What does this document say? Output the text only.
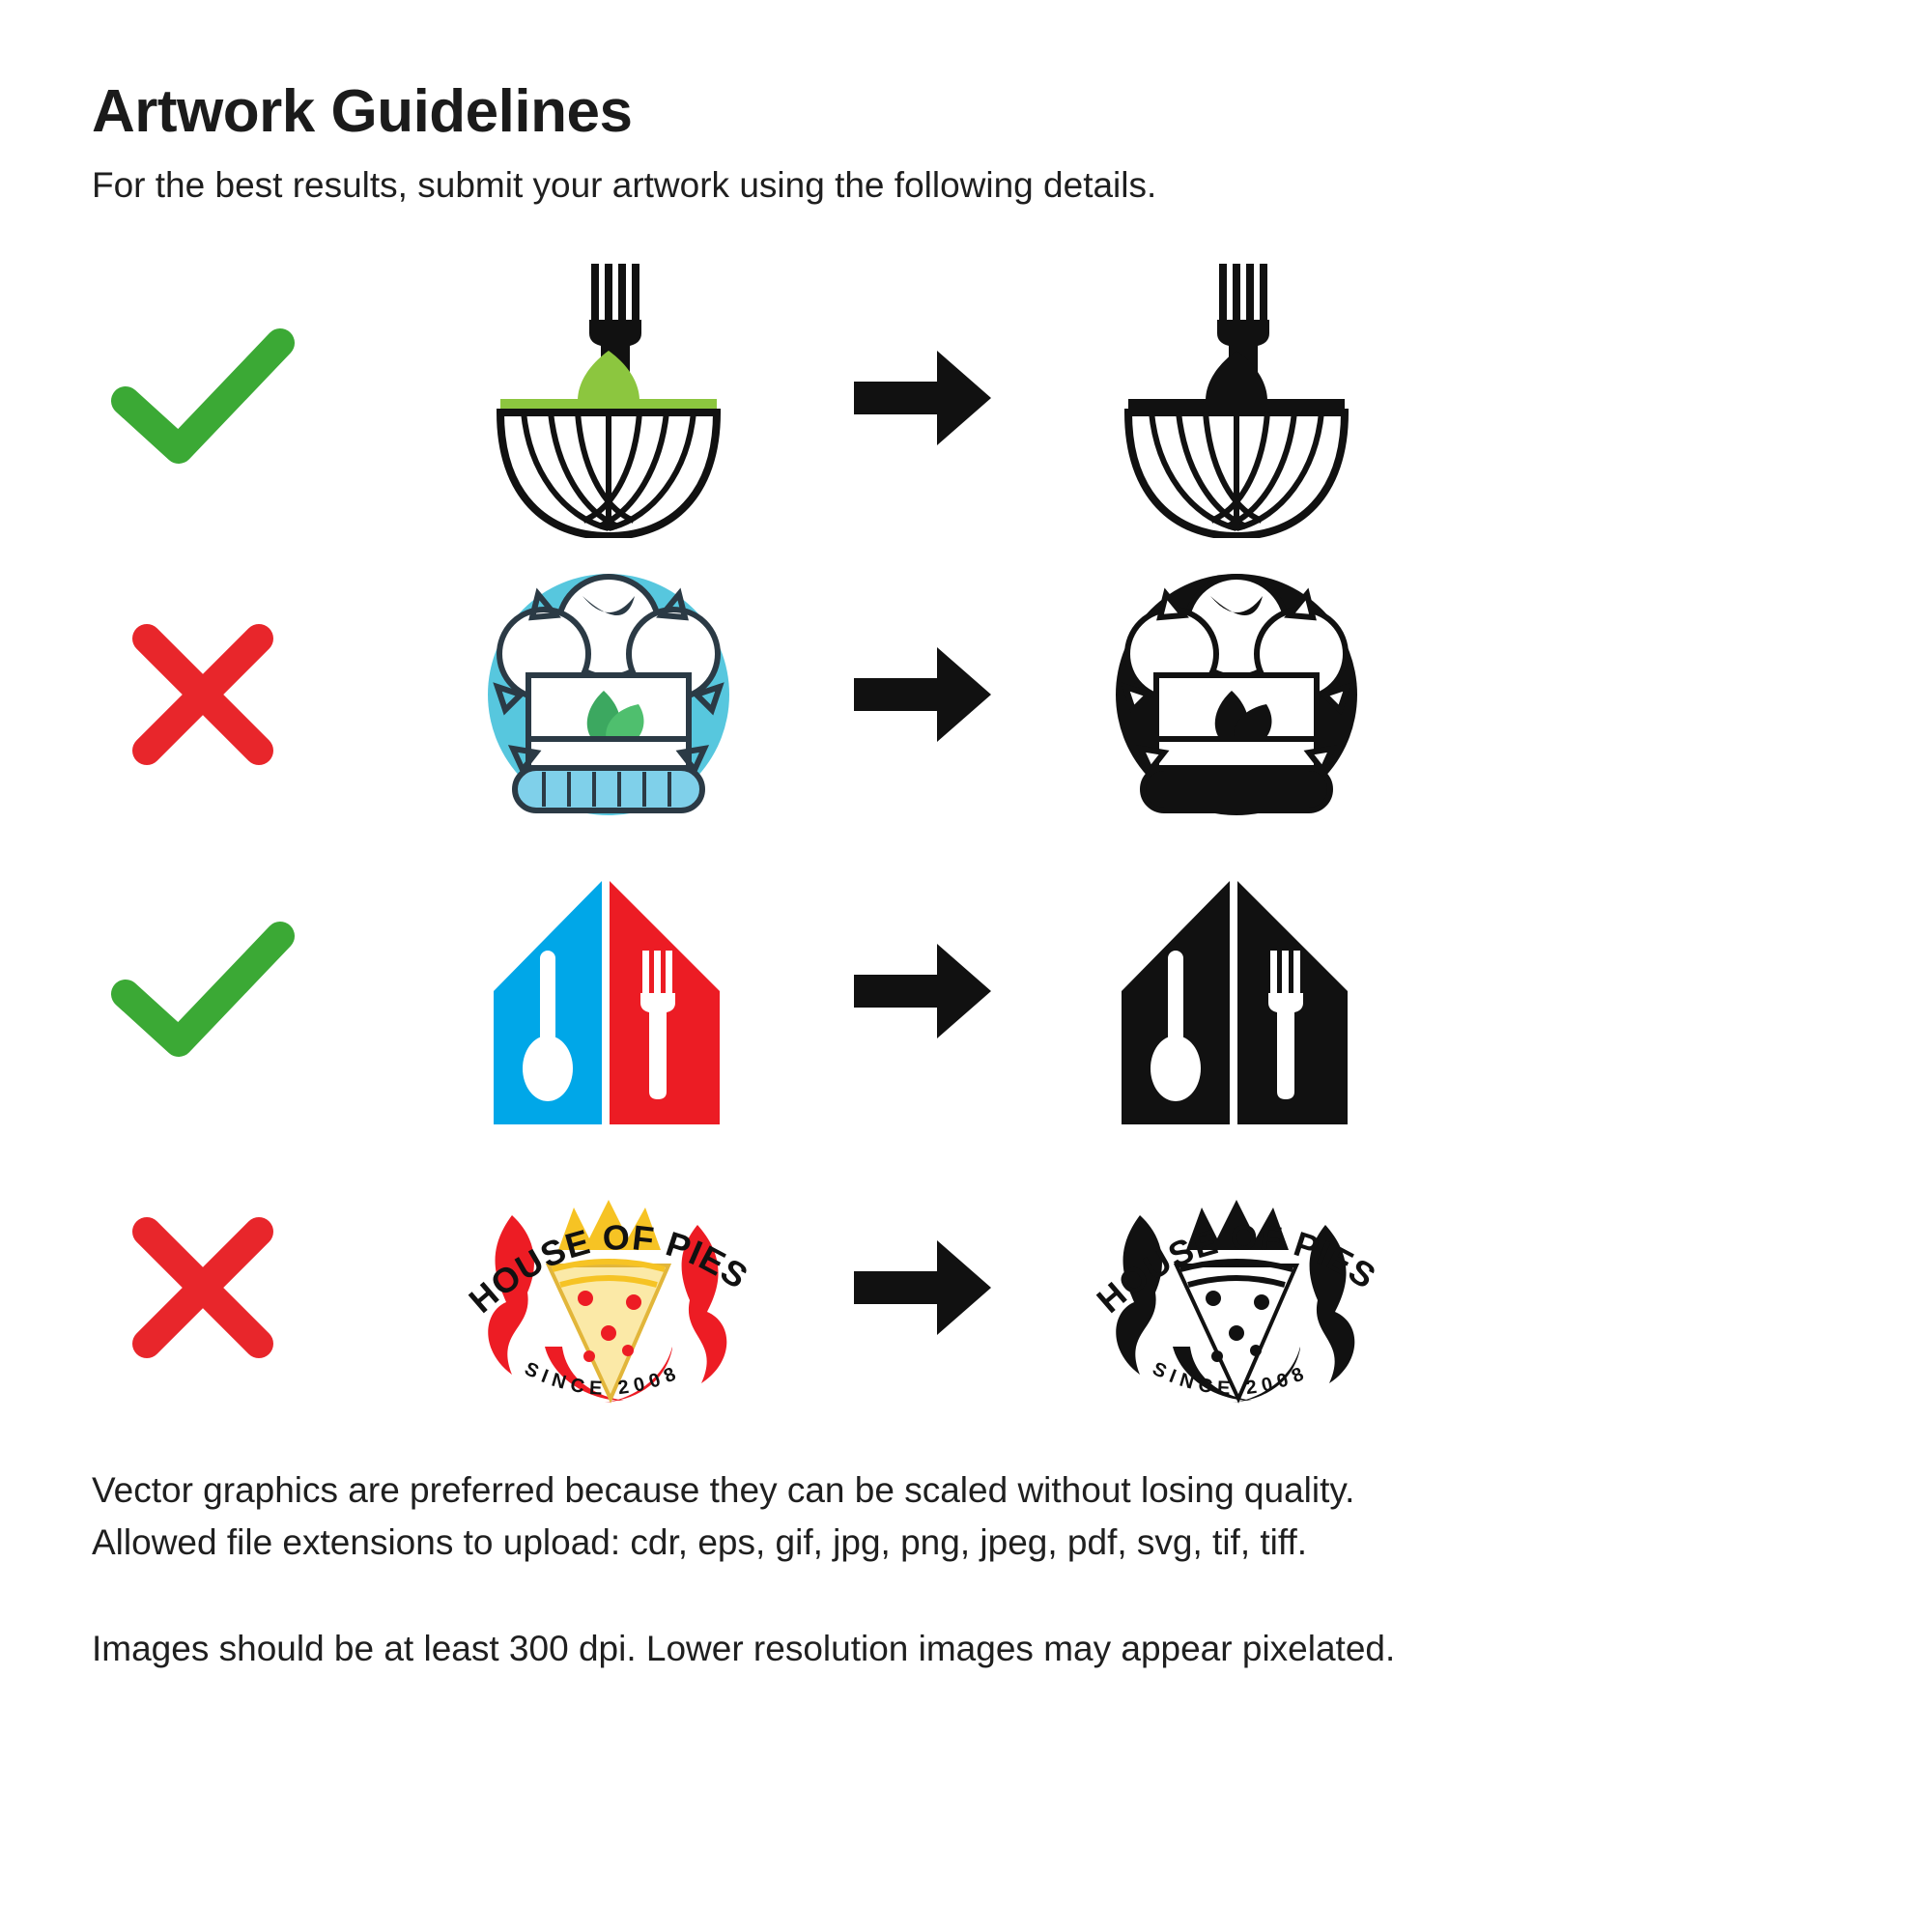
Artwork Guidelines

For the best results, submit your artwork using the following details.

HOUSE OF PIES
SINCE 2008
HOUSE OF PIES
SINCE 2008

Vector graphics are preferred because they can be scaled without losing quality.

Allowed file extensions to upload: cdr, eps, gif, jpg, png, jpeg, pdf, svg, tif, tiff.

Images should be at least 300 dpi. Lower resolution images may appear pixelated.
